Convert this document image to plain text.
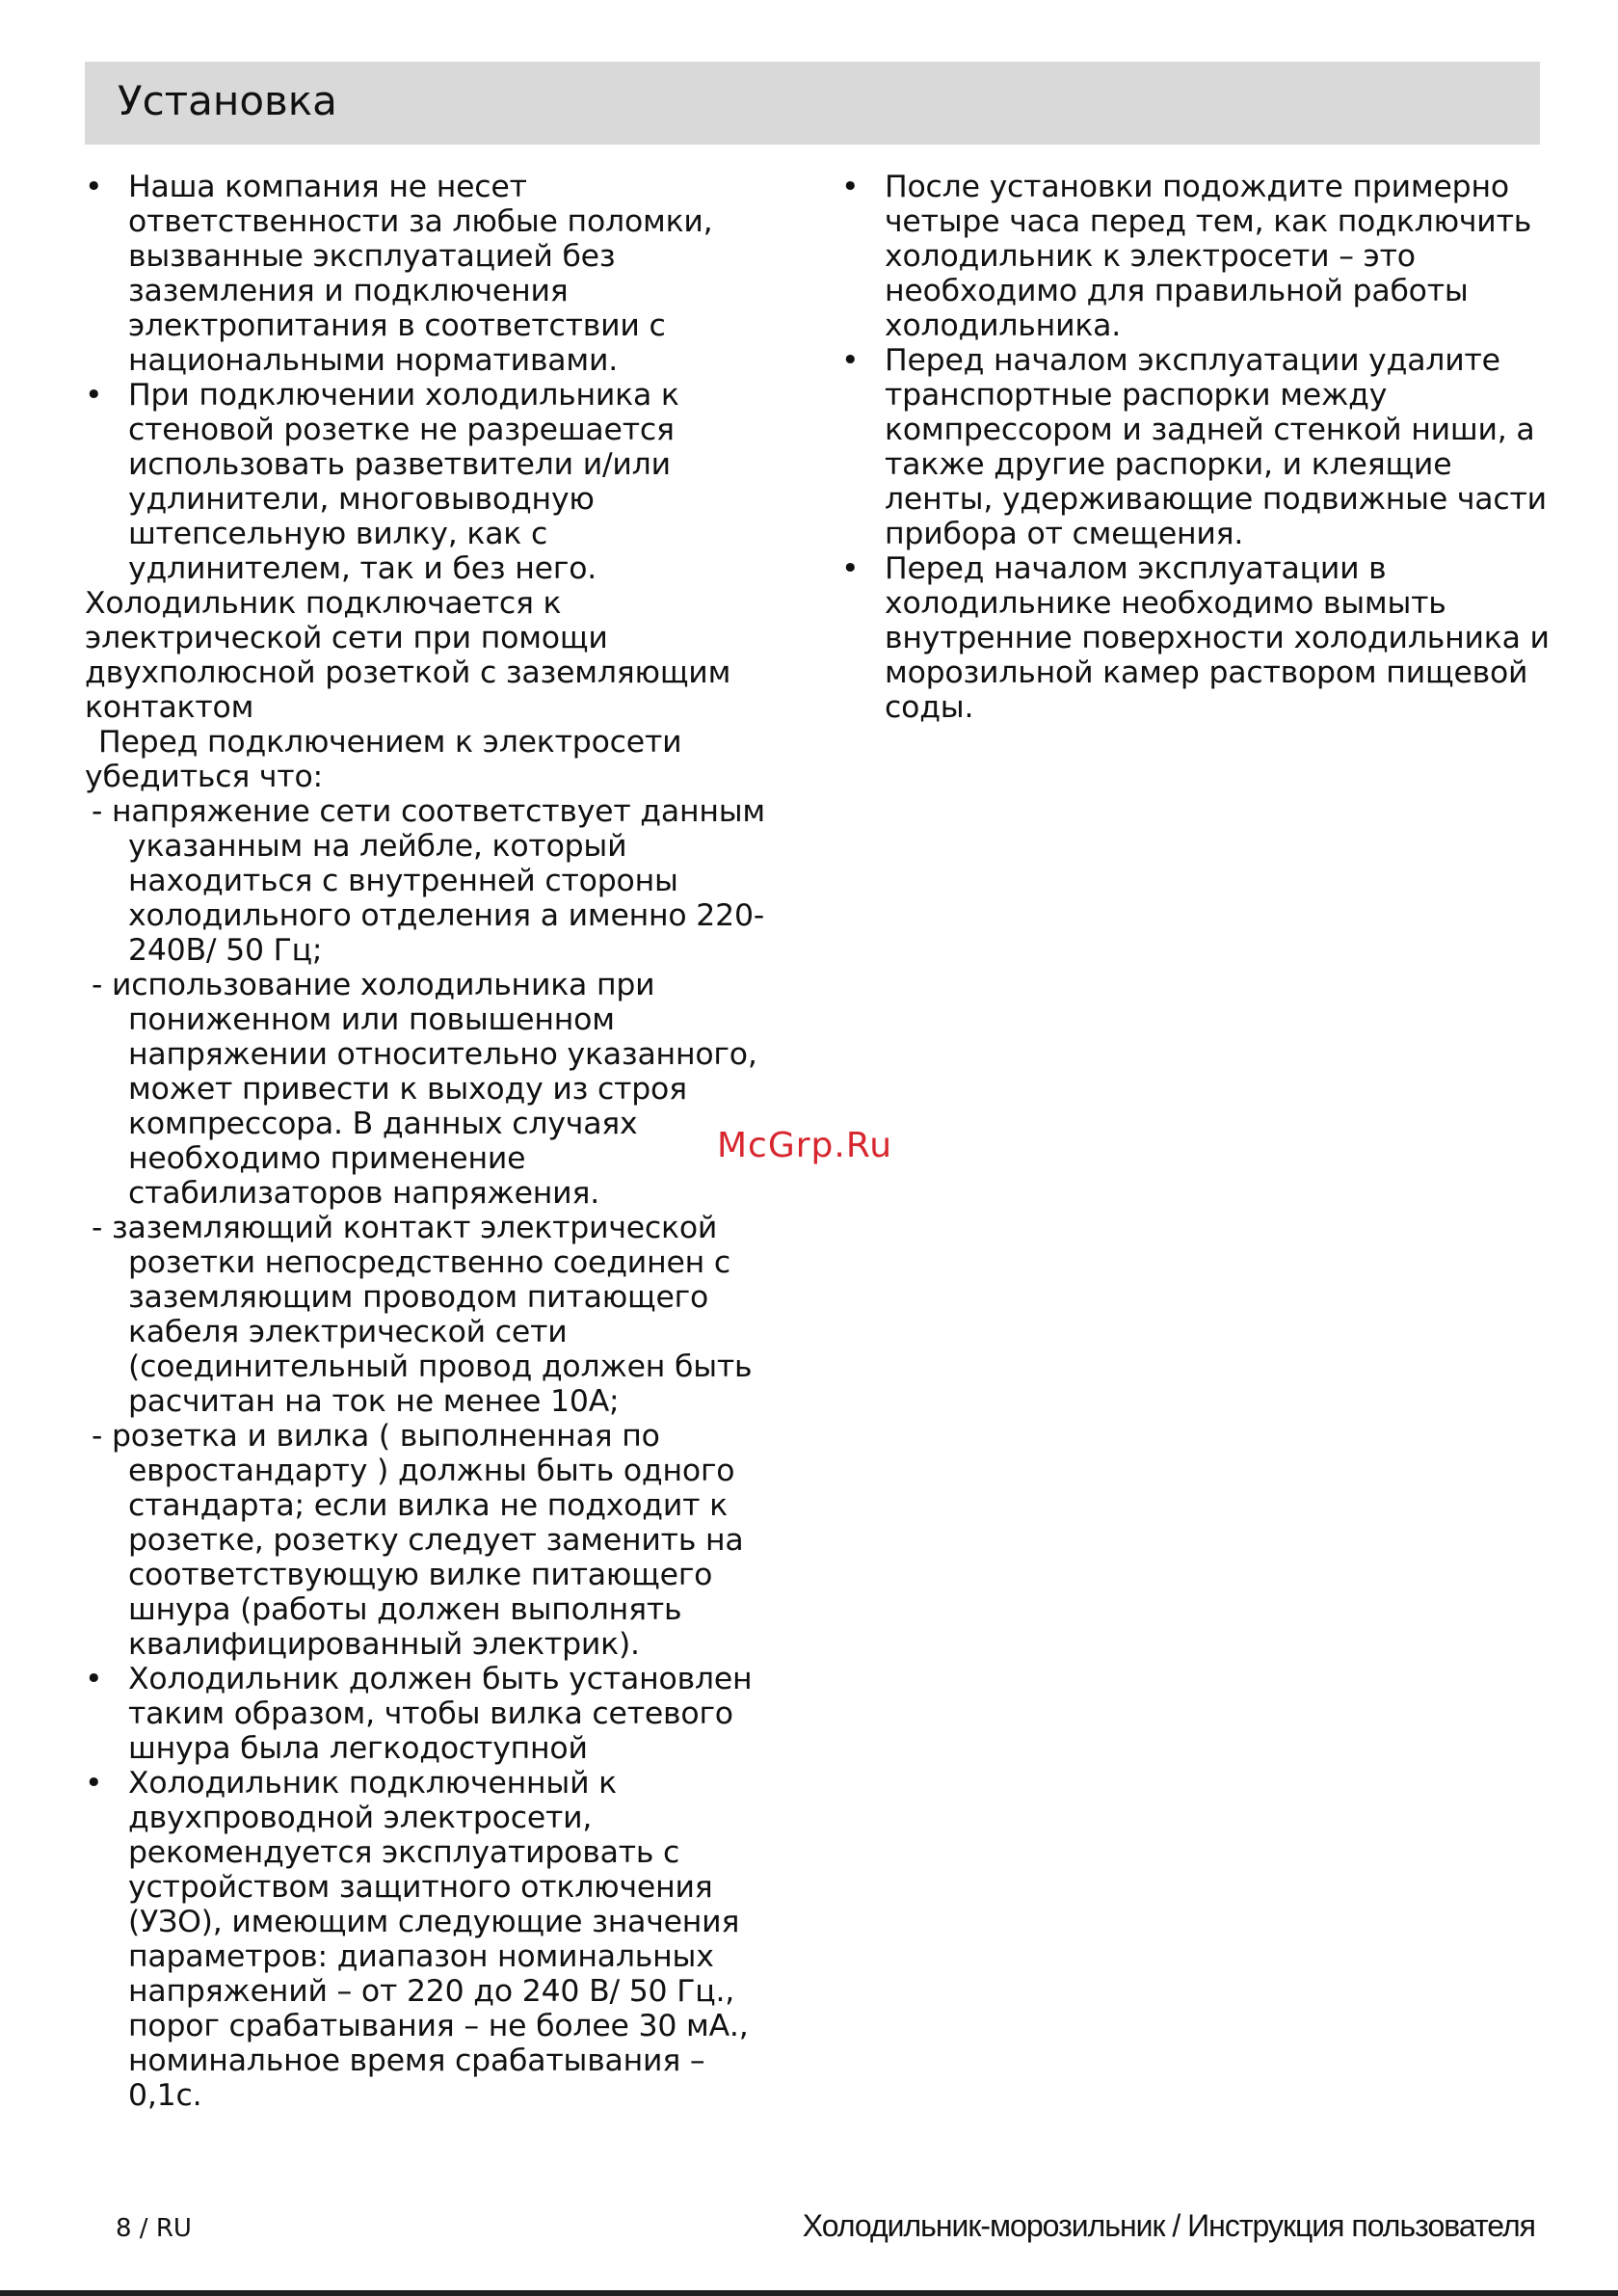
Установка
• Наша компания не несет ответственности за любые поломки, вызванные эксплуатацией без заземления и подключения электропитания в соответствии с национальными нормативами.
• При подключении холодильника к стеновой розетке не разрешается использовать разветвители и/или удлинители, многовыводную штепсельную вилку, как с удлинителем, так и без него.
Холодильник подключается к электрической сети при помощи двухполюсной розеткой с заземляющим контактом
Перед подключением к электросети убедиться что:
- напряжение сети соответствует данным указанным на лейбле, который находиться с внутренней стороны холодильного отделения а именно 220-240В/ 50 Гц;
- использование холодильника при пониженном или повышенном напряжении относительно указанного, может привести к выходу из строя компрессора. В данных случаях необходимо применение стабилизаторов напряжения.
- заземляющий контакт электрической розетки непосредственно соединен с заземляющим проводом питающего кабеля электрической сети (соединительный провод должен быть расчитан на ток не менее 10А;
- розетка и вилка ( выполненная по евростандарту ) должны быть одного стандарта; если вилка не подходит к розетке, розетку следует заменить на соответствующую вилке питающего шнура (работы должен выполнять квалифицированный электрик).
• Холодильник должен быть установлен таким образом, чтобы вилка сетевого шнура была легкодоступной
• Холодильник подключенный к двухпроводной электросети, рекомендуется эксплуатировать с устройством защитного отключения (УЗО), имеющим следующие значения параметров: диапазон номинальных напряжений – от 220 до 240 В/ 50 Гц., порог срабатывания – не более 30 мА., номинальное время срабатывания – 0,1с.
• После установки подождите примерно четыре часа перед тем, как подключить холодильник к электросети – это необходимо для правильной работы холодильника.
• Перед началом эксплуатации удалите транспортные распорки между компрессором и задней стенкой ниши, а также другие распорки, и клеящие ленты, удерживающие подвижные части прибора от смещения.
• Перед началом эксплуатации в холодильнике необходимо вымыть внутренние поверхности холодильника и морозильной камер раствором пищевой соды.
McGrp.Ru
8 / RU	Холодильник-морозильник / Инструкция пользователя
